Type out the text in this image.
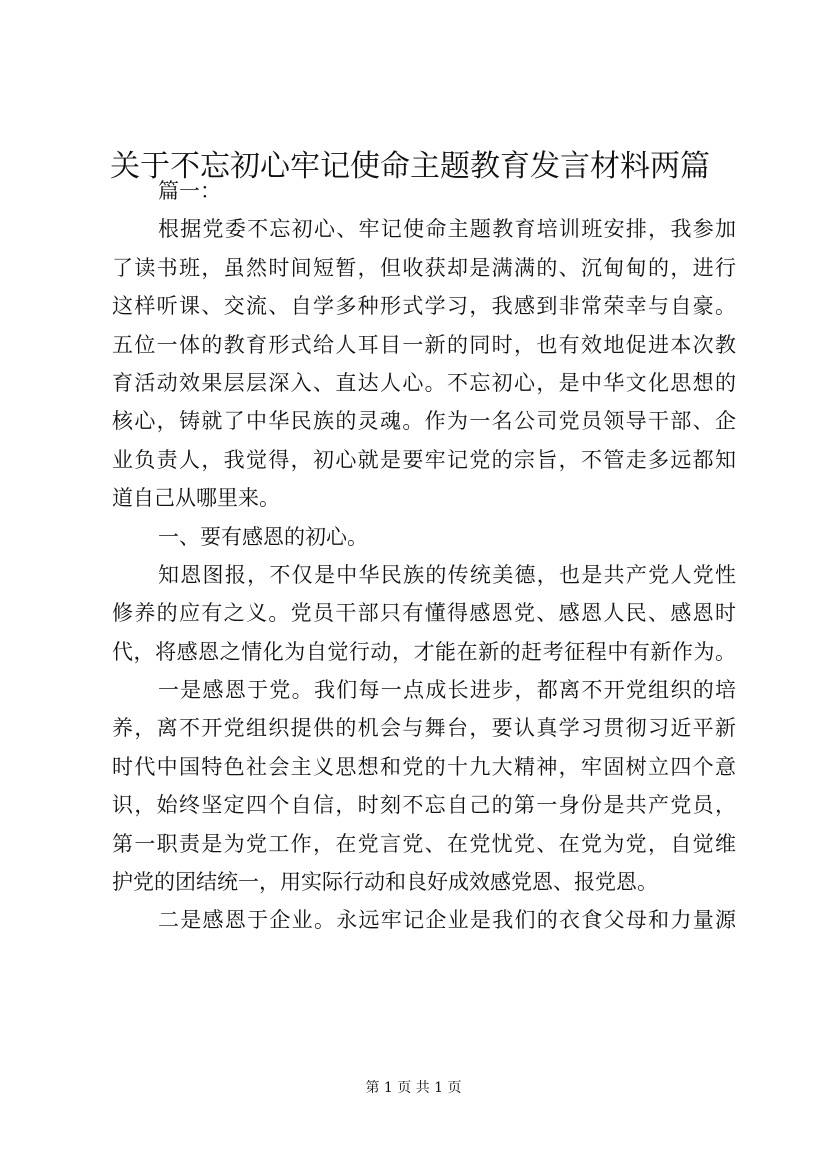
关于不忘初心牢记使命主题教育发言材料两篇

篇一：

根据党委不忘初心、牢记使命主题教育培训班安排，我参加

了读书班，虽然时间短暂，但收获却是满满的、沉甸甸的，进行

这样听课、交流、自学多种形式学习，我感到非常荣幸与自豪。

五位一体的教育形式给人耳目一新的同时，也有效地促进本次教

育活动效果层层深入、直达人心。不忘初心，是中华文化思想的

核心，铸就了中华民族的灵魂。作为一名公司党员领导干部、企

业负责人，我觉得，初心就是要牢记党的宗旨，不管走多远都知

道自己从哪里来。

一、要有感恩的初心。

知恩图报，不仅是中华民族的传统美德，也是共产党人党性

修养的应有之义。党员干部只有懂得感恩党、感恩人民、感恩时

代，将感恩之情化为自觉行动，才能在新的赶考征程中有新作为。

一是感恩于党。我们每一点成长进步，都离不开党组织的培

养，离不开党组织提供的机会与舞台，要认真学习贯彻习近平新

时代中国特色社会主义思想和党的十九大精神，牢固树立四个意

识，始终坚定四个自信，时刻不忘自己的第一身份是共产党员，

第一职责是为党工作，在党言党、在党忧党、在党为党，自觉维

护党的团结统一，用实际行动和良好成效感党恩、报党恩。

二是感恩于企业。永远牢记企业是我们的衣食父母和力量源

第 1 页 共 1 页
